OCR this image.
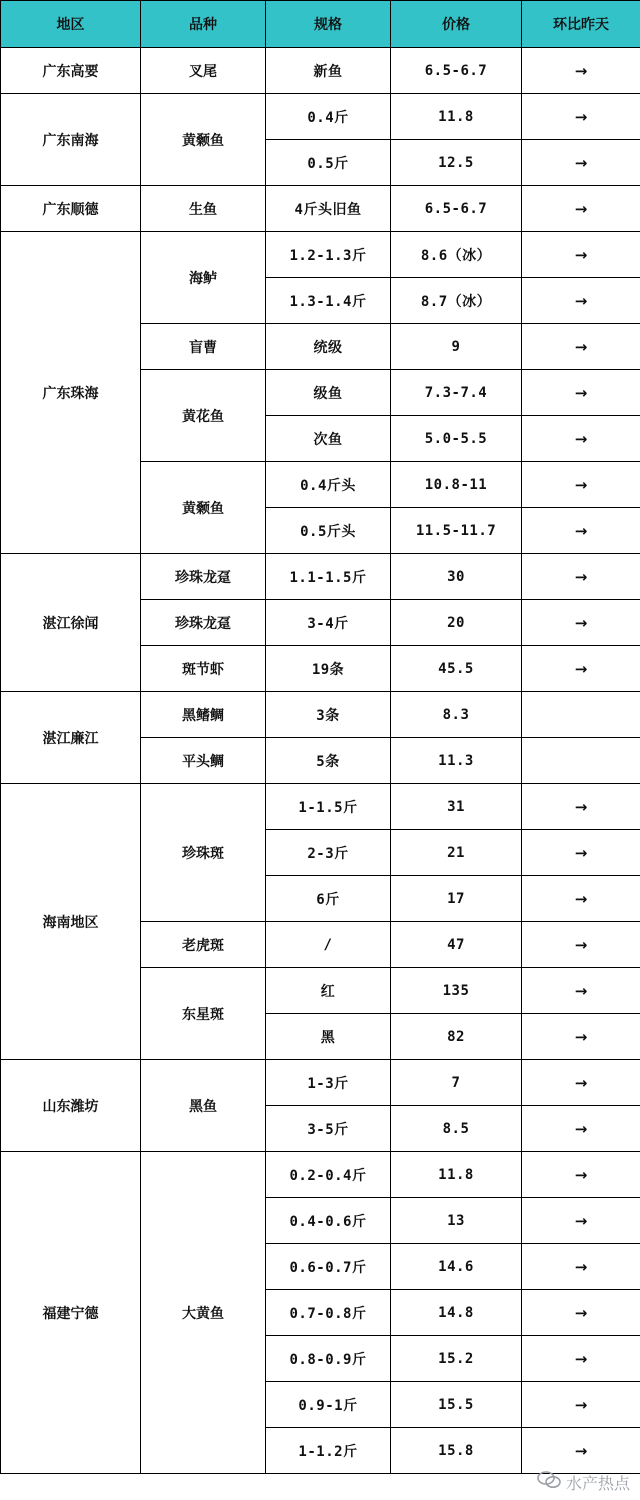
地区	品种	规格	价格	环比昨天
广东高要	叉尾	新鱼	6.5-6.7	→
广东南海	黄颡鱼	0.4斤	11.8	→
		0.5斤	12.5	→
广东顺德	生鱼	4斤头旧鱼	6.5-6.7	→
广东珠海	海鲈	1.2-1.3斤	8.6（冰）	→
		1.3-1.4斤	8.7（冰）	→
	盲曹	统级	9	→
	黄花鱼	级鱼	7.3-7.4	→
		次鱼	5.0-5.5	→
	黄颡鱼	0.4斤头	10.8-11	→
		0.5斤头	11.5-11.7	→
湛江徐闻	珍珠龙趸	1.1-1.5斤	30	→
	珍珠龙趸	3-4斤	20	→
	斑节虾	19条	45.5	→
湛江廉江	黑鳍鲷	3条	8.3	
	平头鲷	5条	11.3	
海南地区	珍珠斑	1-1.5斤	31	→
		2-3斤	21	→
		6斤	17	→
	老虎斑	/	47	→
	东星斑	红	135	→
		黑	82	→
山东潍坊	黑鱼	1-3斤	7	→
		3-5斤	8.5	→
福建宁德	大黄鱼	0.2-0.4斤	11.8	→
		0.4-0.6斤	13	→
		0.6-0.7斤	14.6	→
		0.7-0.8斤	14.8	→
		0.8-0.9斤	15.2	→
		0.9-1斤	15.5	→
		1-1.2斤	15.8	→
水产热点
